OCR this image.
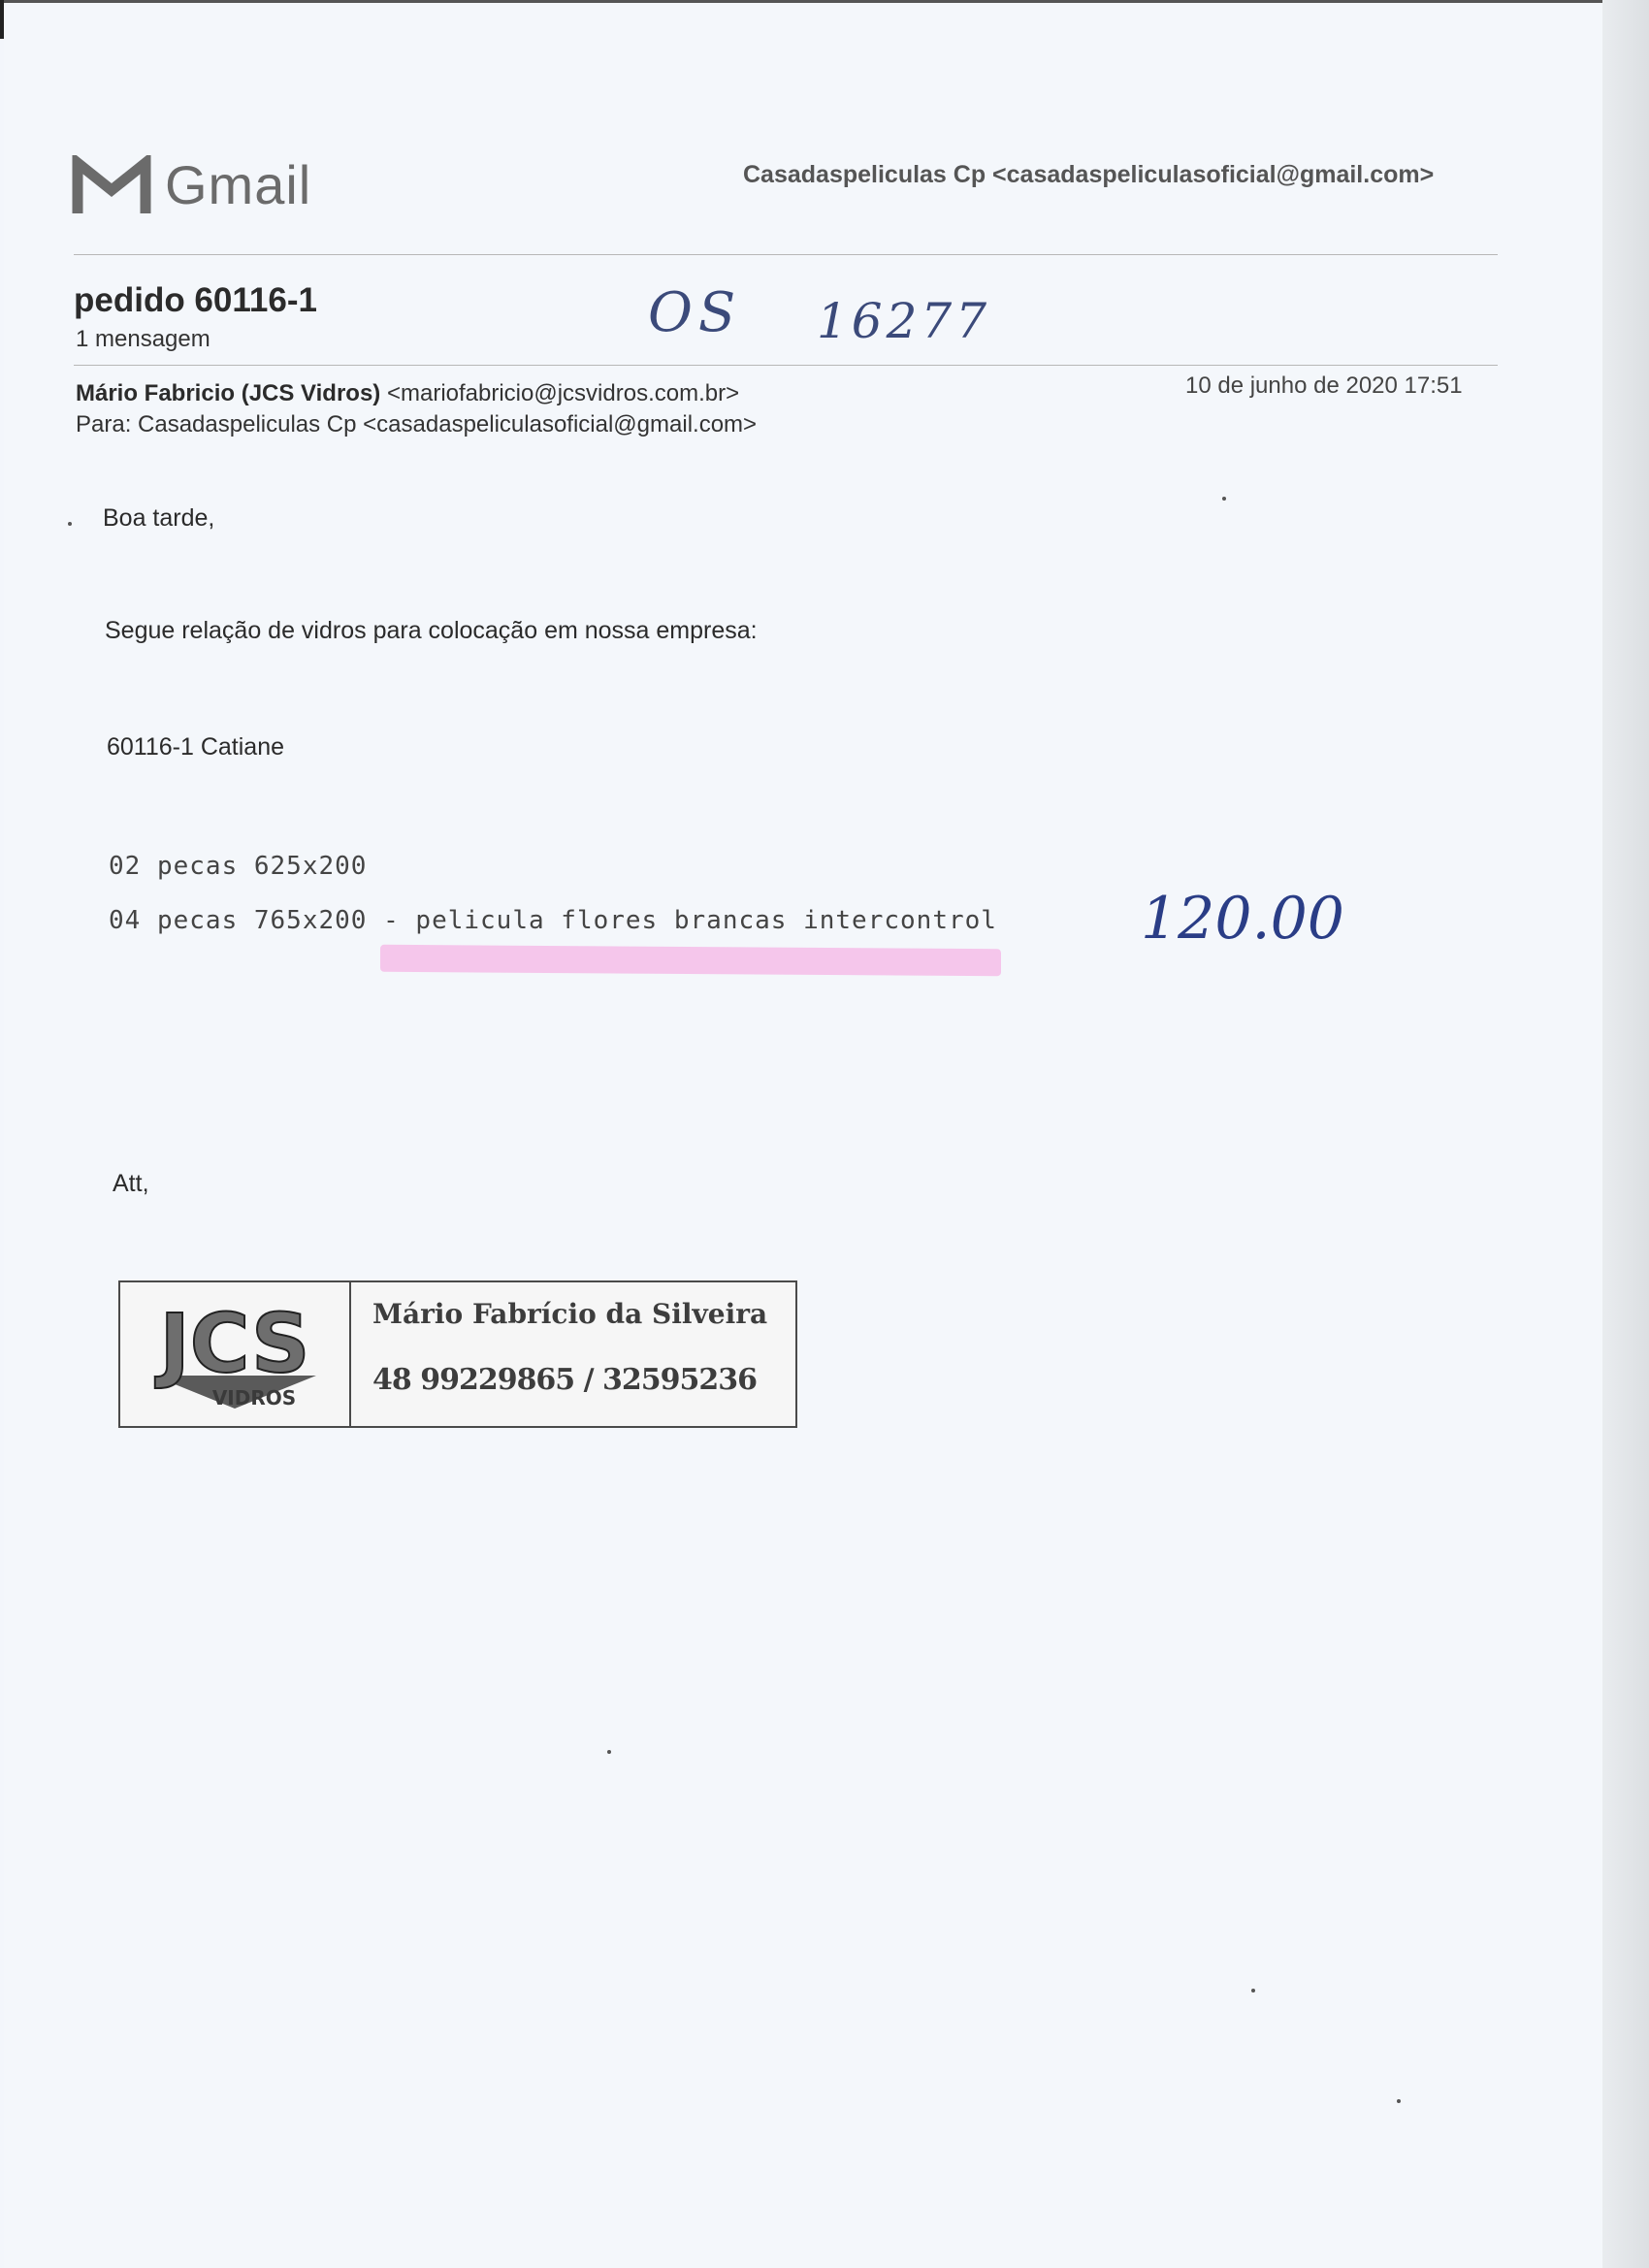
Gmail	Casadaspeliculas Cp <casadaspeliculasoficial@gmail.com>
pedido 60116-1
1 mensagem	OS 16277
Mário Fabricio (JCS Vidros) <mariofabricio@jcsvidros.com.br>
Para: Casadaspeliculas Cp <casadaspeliculasoficial@gmail.com>
10 de junho de 2020 17:51
Boa tarde,
Segue relação de vidros para colocação em nossa empresa:
60116-1 Catiane
02 pecas 625x200
04 pecas 765x200 - pelicula flores brancas intercontrol 120.00
Att,
JCS
VIDROS
Mário Fabrício da Silveira
48 99229865 / 32595236
